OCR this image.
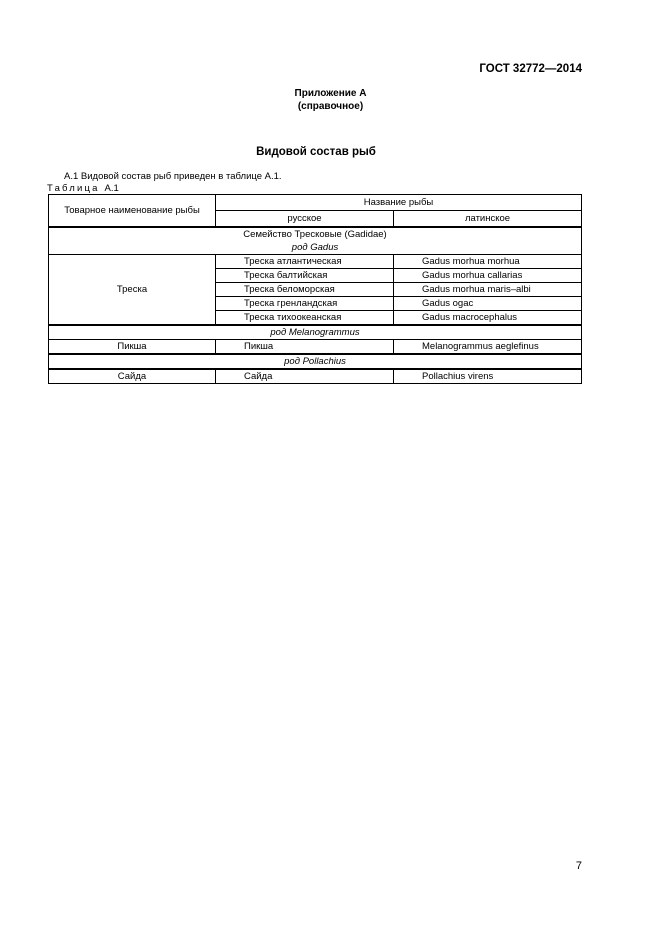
ГОСТ 32772—2014
Приложение А
(справочное)
Видовой состав рыб
А.1 Видовой состав рыб приведен в таблице А.1.
Таблица А.1
Товарное наименование рыбы	Название рыбы	
	русское	латинское

Семейство Тресковые (Gadidae)
род Gadus		

Треска	Треска атлантическая	Gadus morhua morhua
	Треска балтийская	Gadus morhua callarias
	Треска беломорская	Gadus morhua maris–albi
	Треска гренландская	Gadus ogac
	Треска тихоокеанская	Gadus macrocephalus
род Melanogrammus		
Пикша	Пикша	Melanogrammus aeglefinus
род Pollachius		
Сайда	Сайда	Pollachius virens
7
